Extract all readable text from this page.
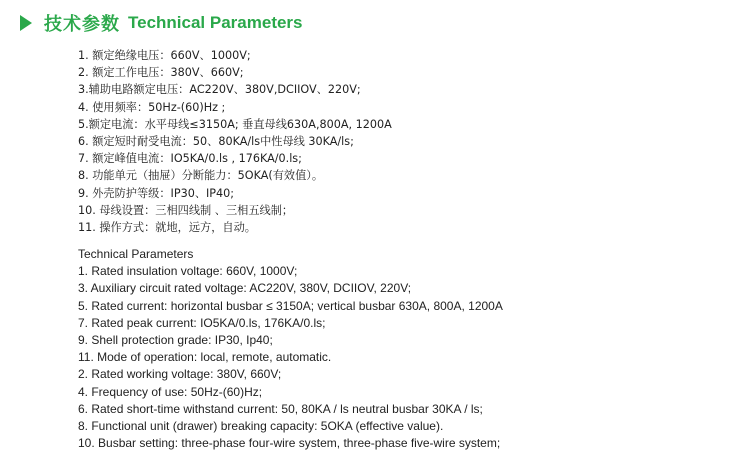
技术参数 Technical Parameters
1. 额定绝缘电压：660V、1000V;
2. 额定工作电压：380V、660V;
3.辅助电路额定电压：AC220V、380V,DCIIOV、220V;
4. 使用频率：50Hz-(60)Hz ;
5.额定电流：水平母线≤3150A; 垂直母线630A,800A, 1200A
6. 额定短时耐受电流：50、80KA/ls中性母线 30KA/ls;
7. 额定峰值电流：IO5KA/0.ls , 176KA/0.ls;
8. 功能单元（抽屉）分断能力：5OKA(有效值）。
9. 外壳防护等级：IP30、IP40;
10. 母线设置：三相四线制 、三相五线制；
11. 操作方式：就地，远方，自动。
Technical Parameters
1. Rated insulation voltage: 660V, 1000V;
3. Auxiliary circuit rated voltage: AC220V, 380V, DCIIOV, 220V;
5. Rated current: horizontal busbar ≤ 3150A; vertical busbar 630A, 800A, 1200A
7. Rated peak current: IO5KA/0.ls, 176KA/0.ls;
9. Shell protection grade: IP30, Ip40;
11. Mode of operation: local, remote, automatic.
2. Rated working voltage: 380V, 660V;
4. Frequency of use: 50Hz-(60)Hz;
6. Rated short-time withstand current: 50, 80KA / ls neutral busbar 30KA / ls;
8. Functional unit (drawer) breaking capacity: 5OKA (effective value).
10. Busbar setting: three-phase four-wire system, three-phase five-wire system;
